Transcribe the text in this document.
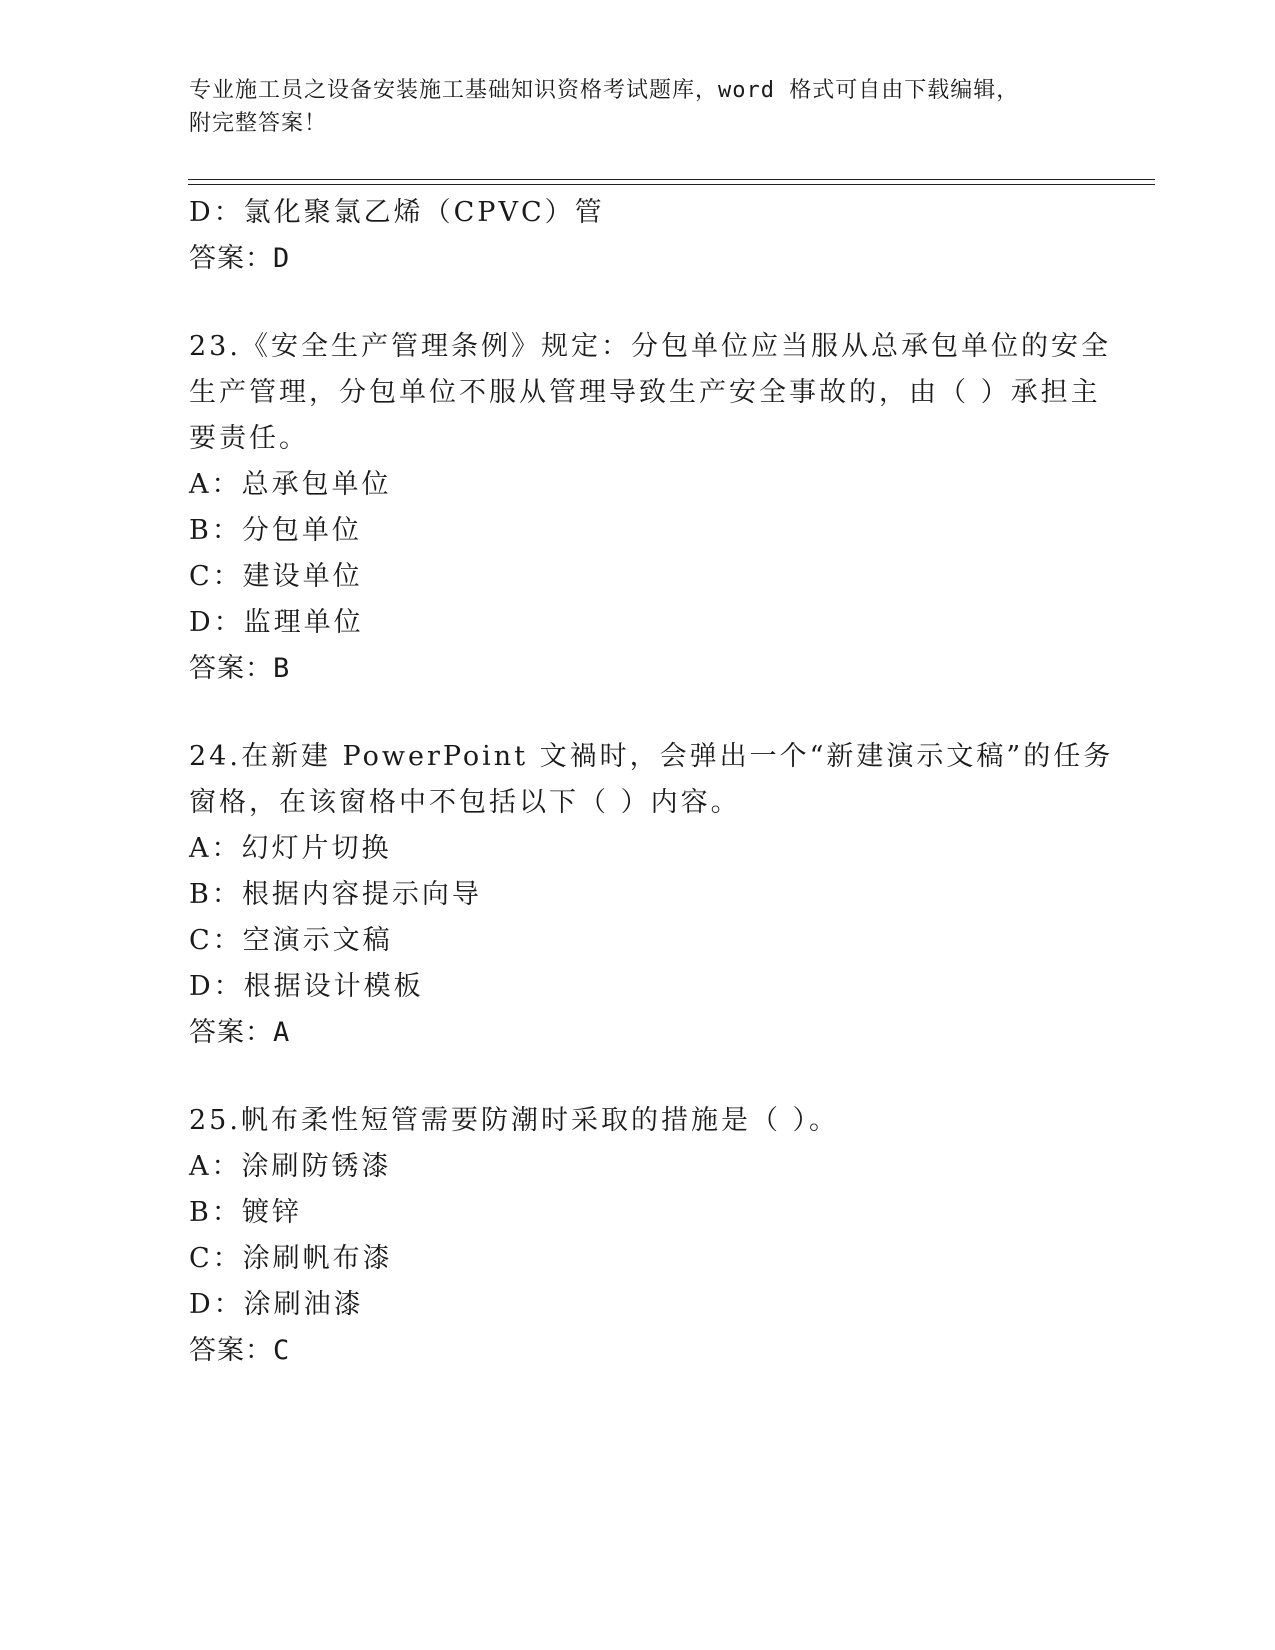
专业施工员之设备安装施工基础知识资格考试题库，word 格式可自由下载编辑，
附完整答案！
D：氯化聚氯乙烯（CPVC）管
答案：D
23.《安全生产管理条例》规定：分包单位应当服从总承包单位的安全
生产管理，分包单位不服从管理导致生产安全事故的，由（ ）承担主
要责任。
A：总承包单位
B：分包单位
C：建设单位
D：监理单位
答案：B
24.在新建 PowerPoint 文禍时，会弹出一个“新建演示文稿”的任务
窗格，在该窗格中不包括以下（ ）内容。
A：幻灯片切换
B：根据内容提示向导
C：空演示文稿
D：根据设计模板
答案：A
25.帆布柔性短管需要防潮时采取的措施是（ ）。
A：涂刷防锈漆
B：镀锌
C：涂刷帆布漆
D：涂刷油漆
答案：C
